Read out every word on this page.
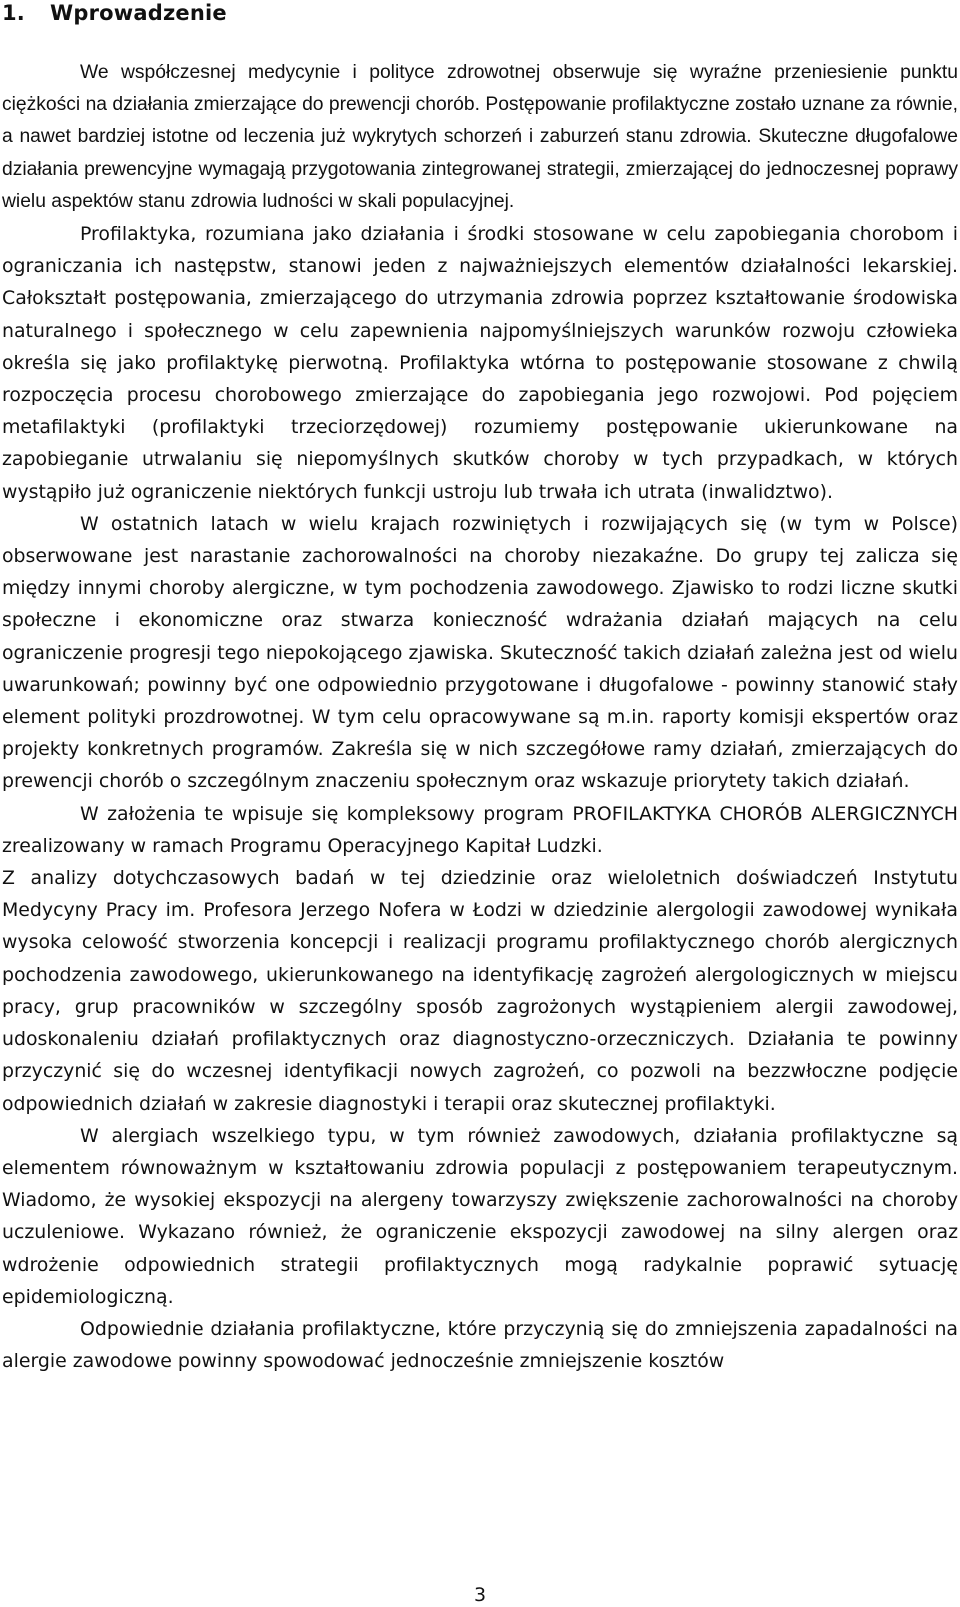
1. Wprowadzenie

We współczesnej medycynie i polityce zdrowotnej obserwuje się wyraźne przeniesienie punktu ciężkości na działania zmierzające do prewencji chorób. Postępowanie profilaktyczne zostało uznane za równie, a nawet bardziej istotne od leczenia już wykrytych schorzeń i zaburzeń stanu zdrowia. Skuteczne długofalowe działania prewencyjne wymagają przygotowania zintegrowanej strategii, zmierzającej do jednoczesnej poprawy wielu aspektów stanu zdrowia ludności w skali populacyjnej.

Profilaktyka, rozumiana jako działania i środki stosowane w celu zapobiegania chorobom i ograniczania ich następstw, stanowi jeden z najważniejszych elementów działalności lekarskiej. Całokształt postępowania, zmierzającego do utrzymania zdrowia poprzez kształtowanie środowiska naturalnego i społecznego w celu zapewnienia najpomyślniejszych warunków rozwoju człowieka określa się jako profilaktykę pierwotną. Profilaktyka wtórna to postępowanie stosowane z chwilą rozpoczęcia procesu chorobowego zmierzające do zapobiegania jego rozwojowi. Pod pojęciem metafilaktyki (profilaktyki trzeciorzędowej) rozumiemy postępowanie ukierunkowane na zapobieganie utrwalaniu się niepomyślnych skutków choroby w tych przypadkach, w których wystąpiło już ograniczenie niektórych funkcji ustroju lub trwała ich utrata (inwalidztwo).

W ostatnich latach w wielu krajach rozwiniętych i rozwijających się (w tym w Polsce) obserwowane jest narastanie zachorowalności na choroby niezakaźne. Do grupy tej zalicza się między innymi choroby alergiczne, w tym pochodzenia zawodowego. Zjawisko to rodzi liczne skutki społeczne i ekonomiczne oraz stwarza konieczność wdrażania działań mających na celu ograniczenie progresji tego niepokojącego zjawiska. Skuteczność takich działań zależna jest od wielu uwarunkowań; powinny być one odpowiednio przygotowane i długofalowe - powinny stanowić stały element polityki prozdrowotnej. W tym celu opracowywane są m.in. raporty komisji ekspertów oraz projekty konkretnych programów. Zakreśla się w nich szczegółowe ramy działań, zmierzających do prewencji chorób o szczególnym znaczeniu społecznym oraz wskazuje priorytety takich działań.

W założenia te wpisuje się kompleksowy program PROFILAKTYKA CHORÓB ALERGICZNYCH zrealizowany w ramach Programu Operacyjnego Kapitał Ludzki.

Z analizy dotychczasowych badań w tej dziedzinie oraz wieloletnich doświadczeń Instytutu Medycyny Pracy im. Profesora Jerzego Nofera w Łodzi w dziedzinie alergologii zawodowej wynikała wysoka celowość stworzenia koncepcji i realizacji programu profilaktycznego chorób alergicznych pochodzenia zawodowego, ukierunkowanego na identyfikację zagrożeń alergologicznych w miejscu pracy, grup pracowników w szczególny sposób zagrożonych wystąpieniem alergii zawodowej, udoskonaleniu działań profilaktycznych oraz diagnostyczno-orzeczniczych. Działania te powinny przyczynić się do wczesnej identyfikacji nowych zagrożeń, co pozwoli na bezzwłoczne podjęcie odpowiednich działań w zakresie diagnostyki i terapii oraz skutecznej profilaktyki.

W alergiach wszelkiego typu, w tym również zawodowych, działania profilaktyczne są elementem równoważnym w kształtowaniu zdrowia populacji z postępowaniem terapeutycznym. Wiadomo, że wysokiej ekspozycji na alergeny towarzyszy zwiększenie zachorowalności na choroby uczuleniowe. Wykazano również, że ograniczenie ekspozycji zawodowej na silny alergen oraz wdrożenie odpowiednich strategii profilaktycznych mogą radykalnie poprawić sytuację epidemiologiczną.

Odpowiednie działania profilaktyczne, które przyczynią się do zmniejszenia zapadalności na alergie zawodowe powinny spowodować jednocześnie zmniejszenie kosztów

3
